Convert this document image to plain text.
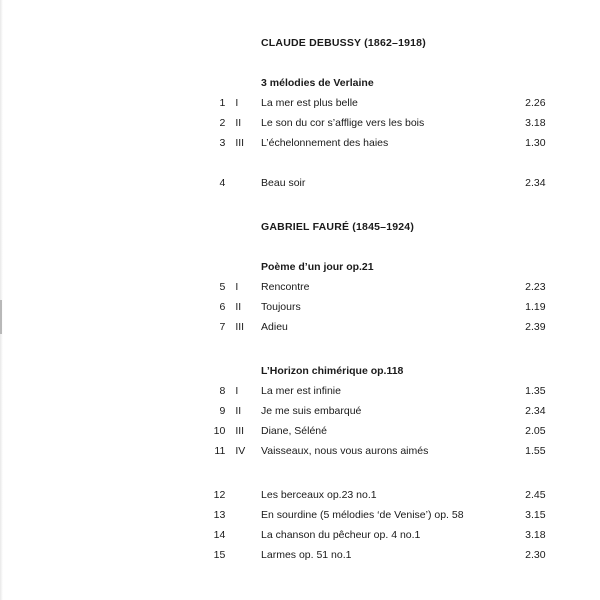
			CLAUDE DEBUSSY (1862–1918)	

			3 mélodies de Verlaine	
	1	I	La mer est plus belle	2.26
	2	II	Le son du cor s’afflige vers les bois	3.18
	3	III	L’échelonnement des haies	1.30

	4		Beau soir	2.34

			GABRIEL FAURÉ (1845–1924)	

			Poème d’un jour op.21	
	5	I	Rencontre	2.23
	6	II	Toujours	1.19
	7	III	Adieu	2.39

			L’Horizon chimérique op.118	
	8	I	La mer est infinie	1.35
	9	II	Je me suis embarqué	2.34
	10	III	Diane, Séléné	2.05
	11	IV	Vaisseaux, nous vous aurons aimés	1.55

	12		Les berceaux op.23 no.1	2.45
	13		En sourdine (5 mélodies ‘de Venise’) op. 58	3.15
	14		La chanson du pêcheur op. 4 no.1	3.18
	15		Larmes op. 51 no.1	2.30
